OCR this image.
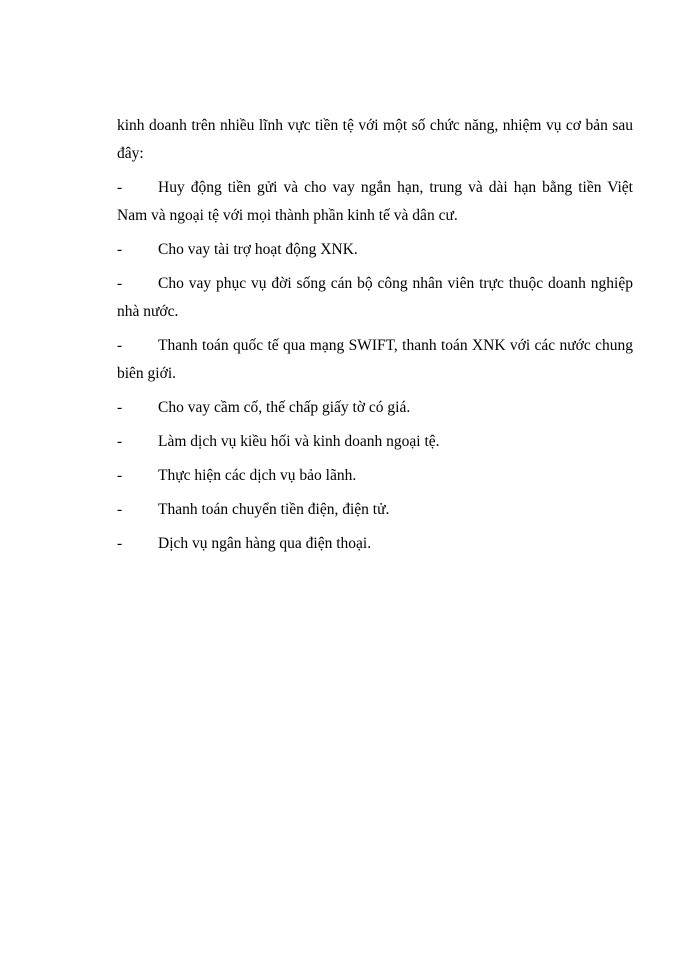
kinh doanh trên nhiều lĩnh vực tiền tệ với một số chức năng, nhiệm vụ cơ bản sau đây:

-	Huy động tiền gửi và cho vay ngắn hạn, trung và dài hạn bằng tiền Việt Nam và ngoại tệ với mọi thành phần kinh tế và dân cư.
-	Cho vay tài trợ hoạt động XNK.
-	Cho vay phục vụ đời sống cán bộ công nhân viên trực thuộc doanh nghiệp nhà nước.
-	Thanh toán quốc tế qua mạng SWIFT, thanh toán XNK với các nước chung biên giới.
-	Cho vay cầm cố, thế chấp giấy tờ có giá.
-	Làm dịch vụ kiều hối và kinh doanh ngoại tệ.
-	Thực hiện các dịch vụ bảo lãnh.
-	Thanh toán chuyển tiền điện, điện tử.
-	Dịch vụ ngân hàng qua điện thoại.
